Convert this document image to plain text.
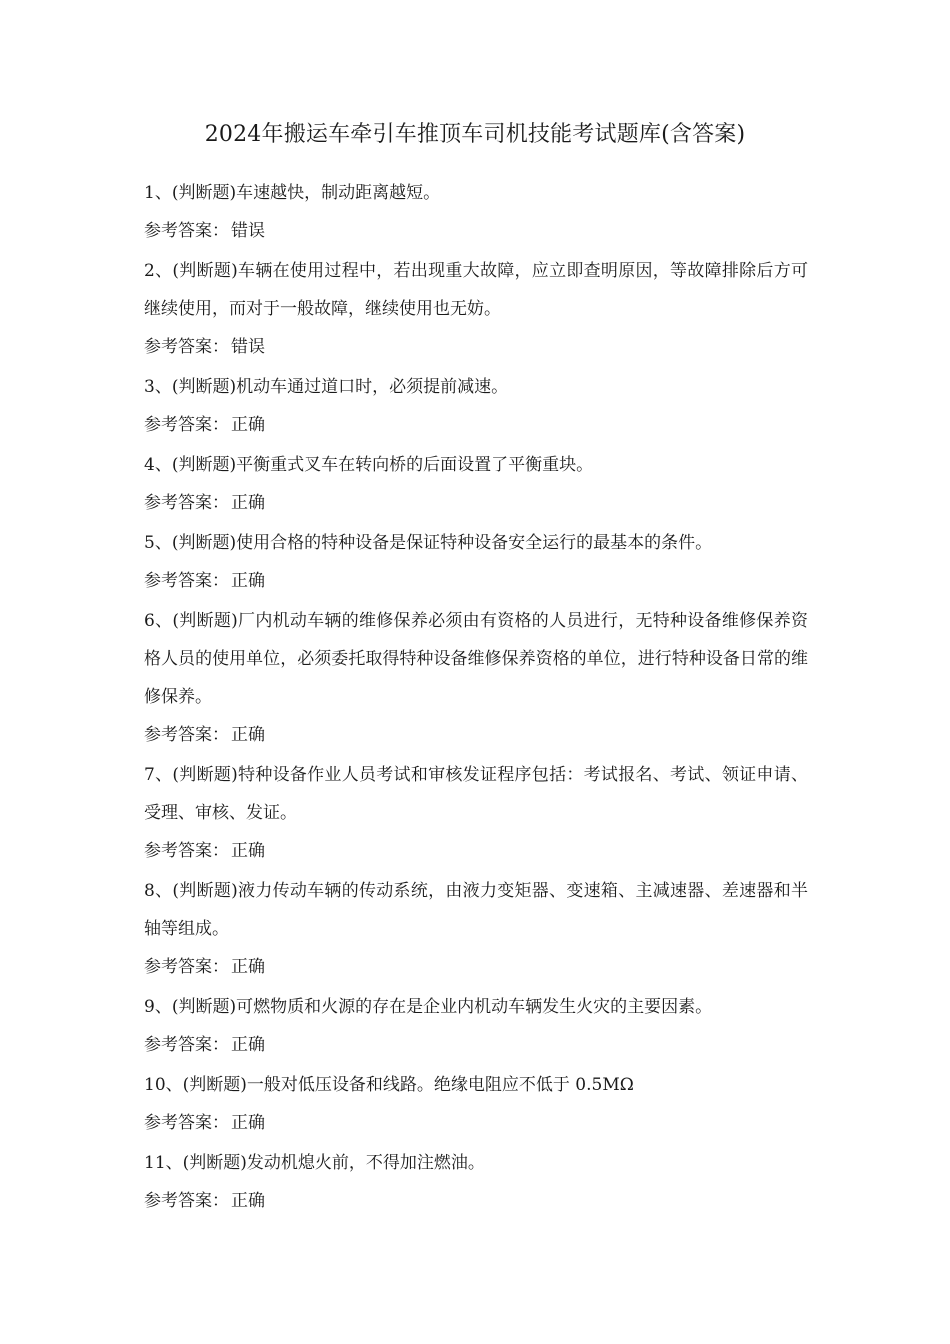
2024年搬运车牵引车推顶车司机技能考试题库(含答案)

1、(判断题)车速越快，制动距离越短。

参考答案： 错误

2、(判断题)车辆在使用过程中，若出现重大故障，应立即查明原因，等故障排除后方可继续使用，而对于一般故障，继续使用也无妨。

参考答案： 错误

3、(判断题)机动车通过道口时，必须提前减速。

参考答案： 正确

4、(判断题)平衡重式叉车在转向桥的后面设置了平衡重块。

参考答案： 正确

5、(判断题)使用合格的特种设备是保证特种设备安全运行的最基本的条件。

参考答案： 正确

6、(判断题)厂内机动车辆的维修保养必须由有资格的人员进行，无特种设备维修保养资格人员的使用单位，必须委托取得特种设备维修保养资格的单位，进行特种设备日常的维修保养。

参考答案： 正确

7、(判断题)特种设备作业人员考试和审核发证程序包括：考试报名、考试、领证申请、受理、审核、发证。

参考答案： 正确

8、(判断题)液力传动车辆的传动系统，由液力变矩器、变速箱、主减速器、差速器和半轴等组成。

参考答案： 正确

9、(判断题)可燃物质和火源的存在是企业内机动车辆发生火灾的主要因素。

参考答案： 正确

10、(判断题)一般对低压设备和线路。绝缘电阻应不低于 0.5MΩ

参考答案： 正确

11、(判断题)发动机熄火前，不得加注燃油。

参考答案： 正确
